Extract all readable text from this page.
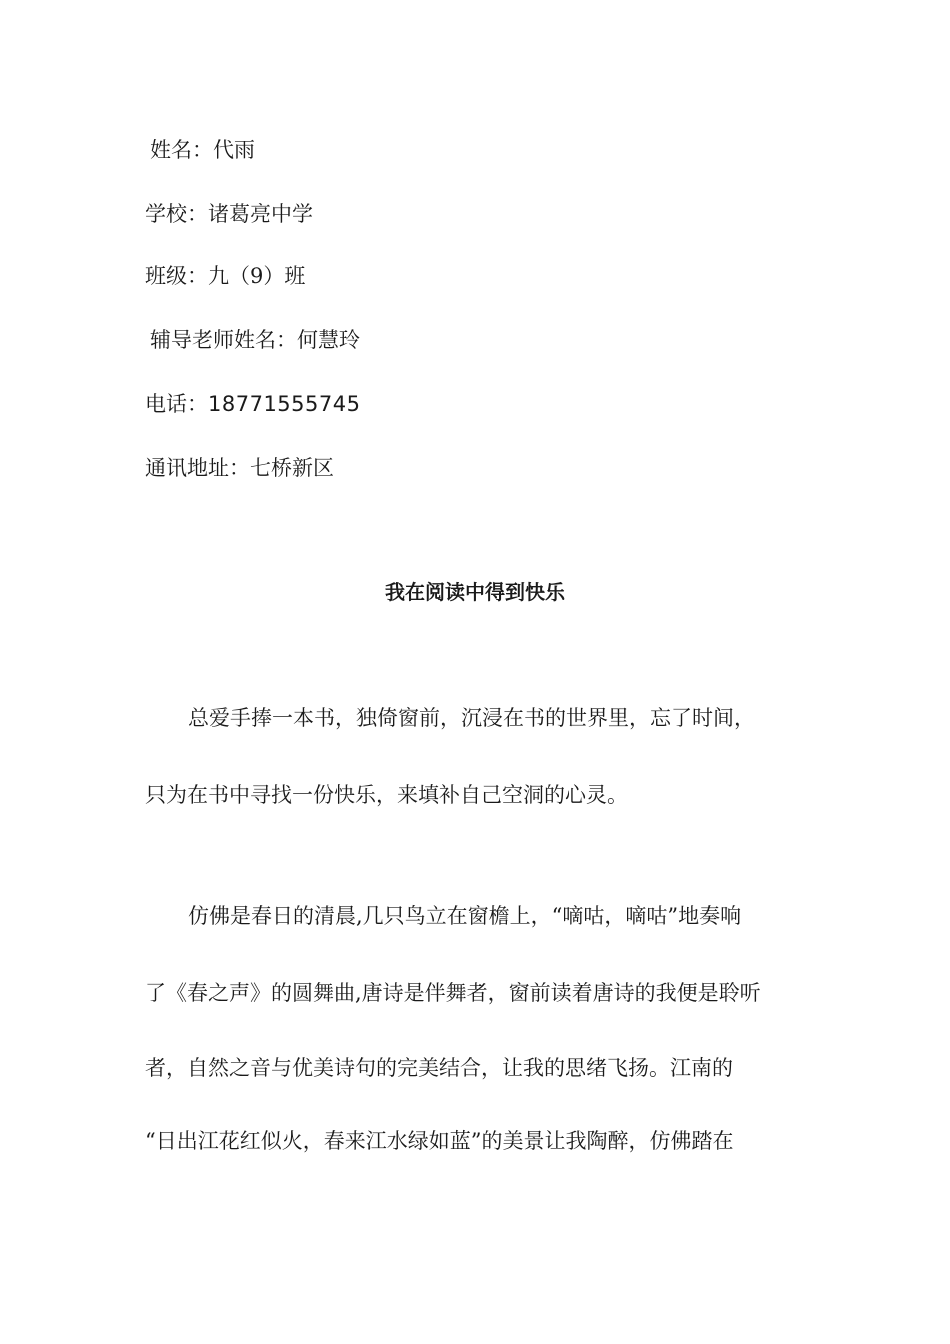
姓名：代雨
学校：诸葛亮中学
班级：九（9）班
辅导老师姓名：何慧玲
电话：18771555745
通讯地址：七桥新区
我在阅读中得到快乐
总爱手捧一本书，独倚窗前，沉浸在书的世界里，忘了时间，
只为在书中寻找一份快乐，来填补自己空洞的心灵。
仿佛是春日的清晨,几只鸟立在窗檐上，“嘀咕，嘀咕”地奏响
了《春之声》的圆舞曲,唐诗是伴舞者，窗前读着唐诗的我便是聆听
者，自然之音与优美诗句的完美结合，让我的思绪飞扬。江南的
“日出江花红似火，春来江水绿如蓝”的美景让我陶醉，仿佛踏在
